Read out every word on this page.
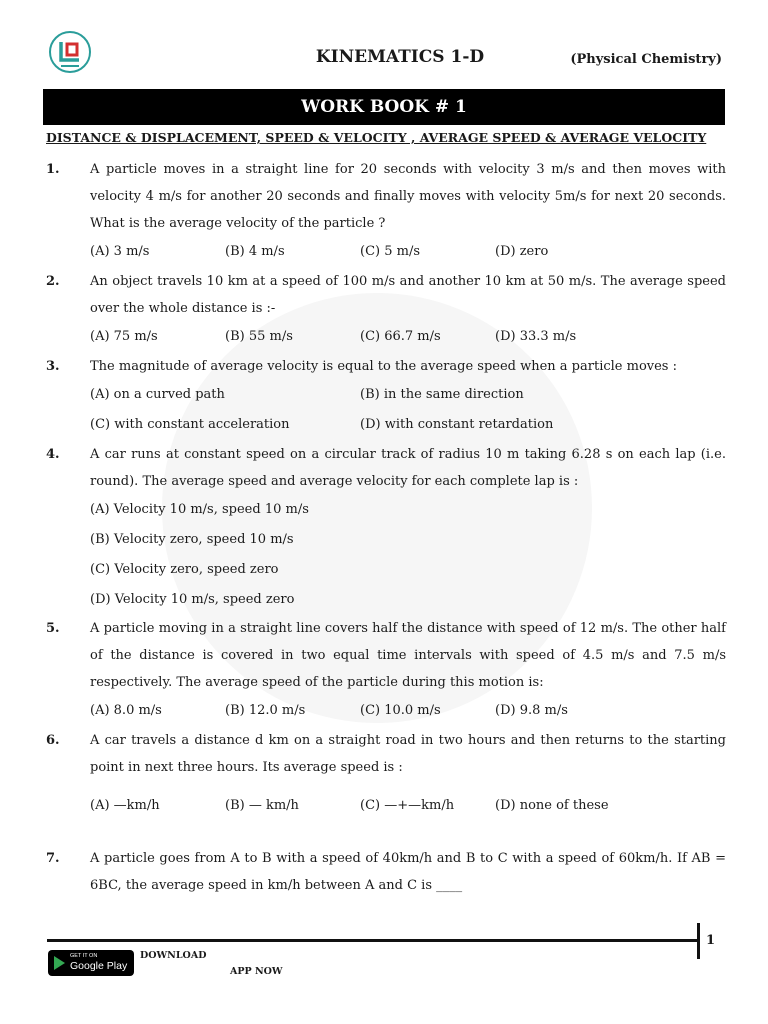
KINEMATICS 1-D	(Physical Chemistry)
WORK BOOK # 1
DISTANCE & DISPLACEMENT, SPEED & VELOCITY , AVERAGE SPEED & AVERAGE VELOCITY
1.	A particle moves in a straight line for 20 seconds with velocity 3 m/s and then moves with velocity 4 m/s for another 20 seconds and finally moves with velocity 5m/s for next 20 seconds. What is the average velocity of the particle ?
(A) 3 m/s	(B) 4 m/s	(C) 5 m/s	(D) zero
2.	An object travels 10 km at a speed of 100 m/s and another 10 km at 50 m/s. The average speed over the whole distance is :-
(A) 75 m/s	(B) 55 m/s	(C) 66.7 m/s	(D) 33.3 m/s
3.	The magnitude of average velocity is equal to the average speed when a particle moves :
(A) on a curved path	(B) in the same direction
(C) with constant acceleration	(D) with constant retardation
4.	A car runs at constant speed on a circular track of radius 10 m taking 6.28 s on each lap (i.e. round). The average speed and average velocity for each complete lap is :
(A) Velocity 10 m/s, speed 10 m/s
(B) Velocity zero, speed 10 m/s
(C) Velocity zero, speed zero
(D) Velocity 10 m/s, speed zero
5.	A particle moving in a straight line covers half the distance with speed of 12 m/s. The other half of the distance is covered in two equal time intervals with speed of 4.5 m/s and 7.5 m/s respectively. The average speed of the particle during this motion is:
(A) 8.0 m/s	(B) 12.0 m/s	(C) 10.0 m/s	(D) 9.8 m/s
6.	A car travels a distance d km on a straight road in two hours and then returns to the starting point in next three hours. Its average speed is :
(A) —km/h	(B) — km/h	(C) —+—km/h	(D) none of these
7.	A particle goes from A to B with a speed of 40km/h and B to C with a speed of 60km/h. If AB = 6BC, the average speed in km/h between A and C is ____
1
GET IT ON
Google Play
DOWNLOAD
APP NOW
